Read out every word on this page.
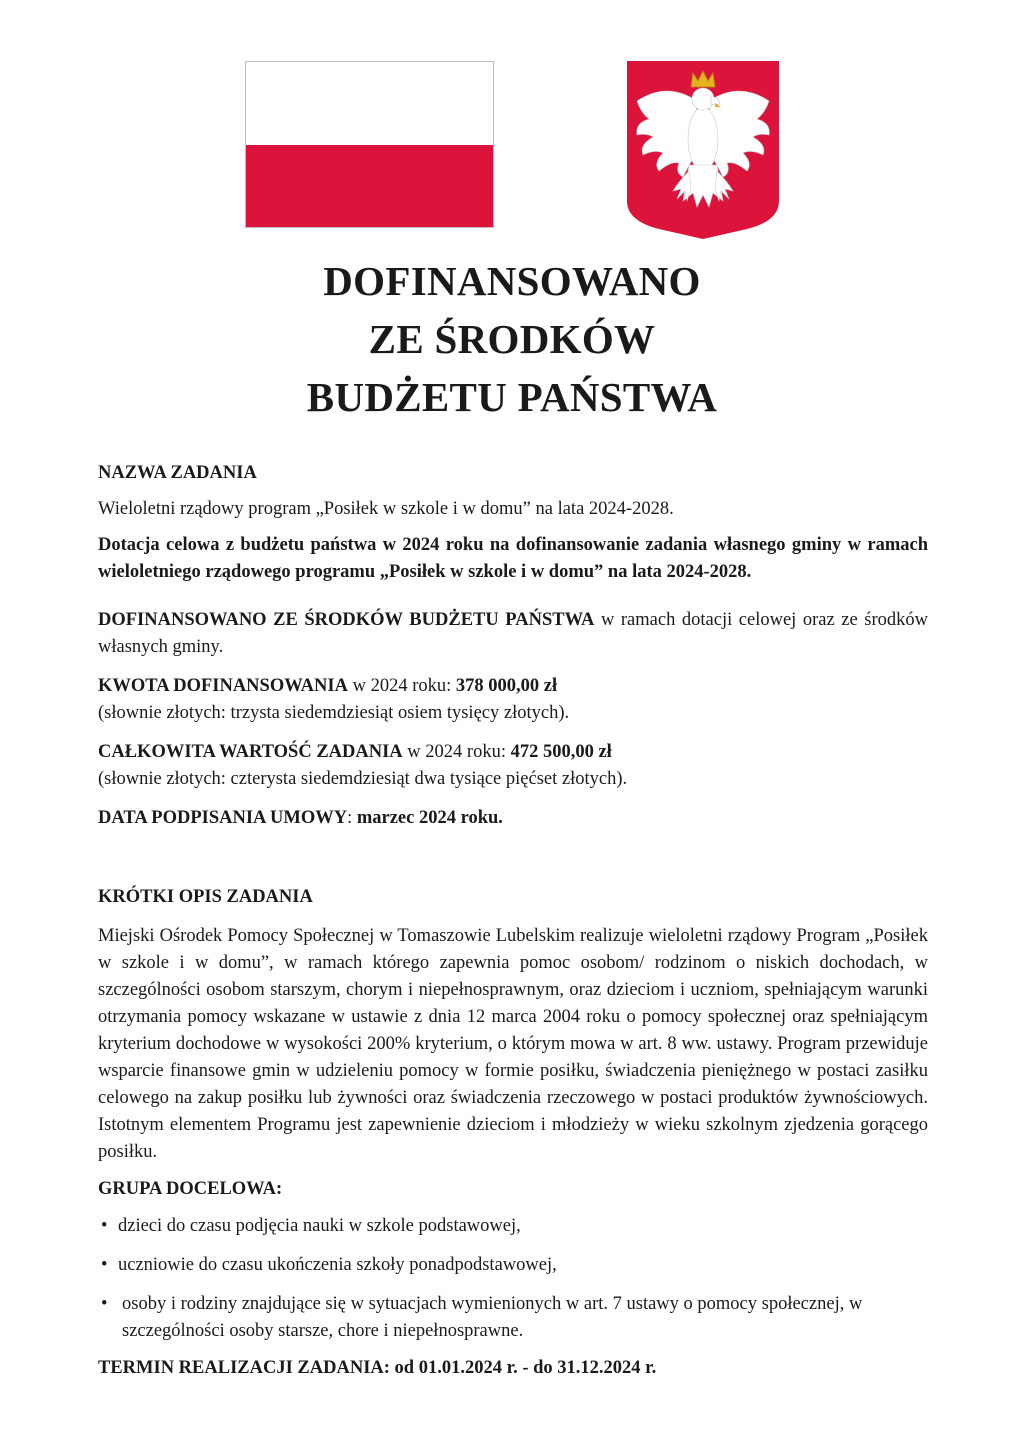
DOFINANSOWANO
ZE ŚRODKÓW
BUDŻETU PAŃSTWA

NAZWA ZADANIA

Wieloletni rządowy program „Posiłek w szkole i w domu” na lata 2024-2028.

Dotacja celowa z budżetu państwa w 2024 roku na dofinansowanie zadania własnego gminy w ramach wieloletniego rządowego programu „Posiłek w szkole i w domu” na lata 2024-2028.

DOFINANSOWANO ZE ŚRODKÓW BUDŻETU PAŃSTWA w ramach dotacji celowej oraz ze środków własnych gminy.

KWOTA DOFINANSOWANIA w 2024 roku: 378 000,00 zł

(słownie złotych: trzysta siedemdziesiąt osiem tysięcy złotych).

CAŁKOWITA WARTOŚĆ ZADANIA w 2024 roku: 472 500,00 zł

(słownie złotych: czterysta siedemdziesiąt dwa tysiące pięćset złotych).

DATA PODPISANIA UMOWY: marzec 2024 roku.

KRÓTKI OPIS ZADANIA

Miejski Ośrodek Pomocy Społecznej w Tomaszowie Lubelskim realizuje wieloletni rządowy Program „Posiłek w szkole i w domu”, w ramach którego zapewnia pomoc osobom/ rodzinom o niskich dochodach, w szczególności osobom starszym, chorym i niepełnosprawnym, oraz dzieciom i uczniom, spełniającym warunki otrzymania pomocy wskazane w ustawie z dnia 12 marca 2004 roku o pomocy społecznej oraz spełniającym kryterium dochodowe w wysokości 200% kryterium, o którym mowa w art. 8 ww. ustawy. Program przewiduje wsparcie finansowe gmin w udzieleniu pomocy w formie posiłku, świadczenia pieniężnego w postaci zasiłku celowego na zakup posiłku lub żywności oraz świadczenia rzeczowego w postaci produktów żywnościowych. Istotnym elementem Programu jest zapewnienie dzieciom i młodzieży w wieku szkolnym zjedzenia gorącego posiłku.

GRUPA DOCELOWA:

• dzieci do czasu podjęcia nauki w szkole podstawowej,
• uczniowie do czasu ukończenia szkoły ponadpodstawowej,
• osoby i rodziny znajdujące się w sytuacjach wymienionych w art. 7 ustawy o pomocy społecznej, w szczególności osoby starsze, chore i niepełnosprawne.

TERMIN REALIZACJI ZADANIA: od 01.01.2024 r. - do 31.12.2024 r.
